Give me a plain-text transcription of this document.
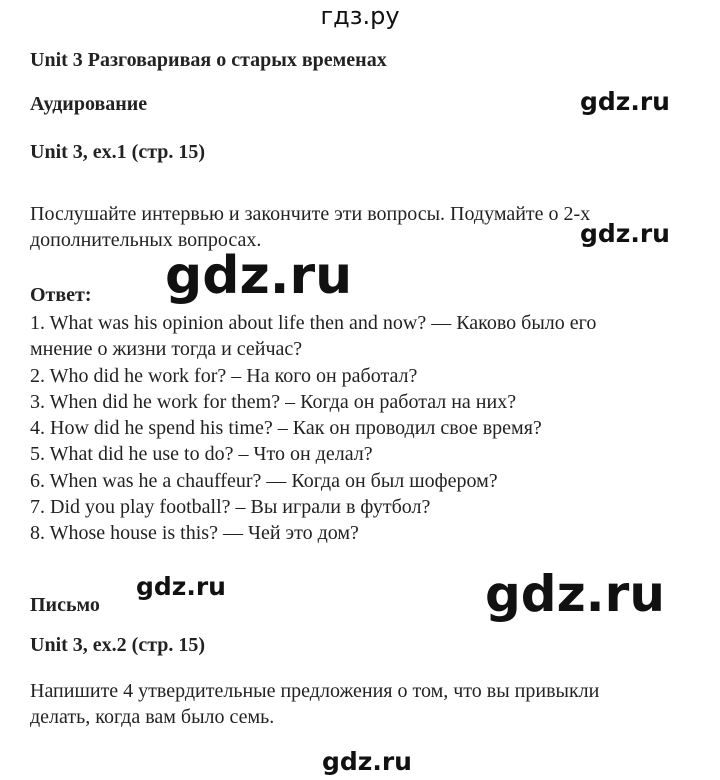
гдз.ру
Unit 3 Разговаривая о старых временах
Аудирование	gdz.ru
Unit 3, ex.1 (стр. 15)
Послушайте интервью и закончите эти вопросы. Подумайте о 2-х
дополнительных вопросах.	gdz.ru
gdz.ru
Ответ:
1. What was his opinion about life then and now? — Каково было его
мнение о жизни тогда и сейчас?
2. Who did he work for? – На кого он работал?
3. When did he work for them? – Когда он работал на них?
4. How did he spend his time? – Как он проводил свое время?
5. What did he use to do? – Что он делал?
6. When was he a chauffeur? — Когда он был шофером?
7. Did you play football? – Вы играли в футбол?
8. Whose house is this? — Чей это дом?
Письмо
gdz.ru	gdz.ru
Unit 3, ex.2 (стр. 15)
Напишите 4 утвердительные предложения о том, что вы привыкли
делать, когда вам было семь.
gdz.ru
